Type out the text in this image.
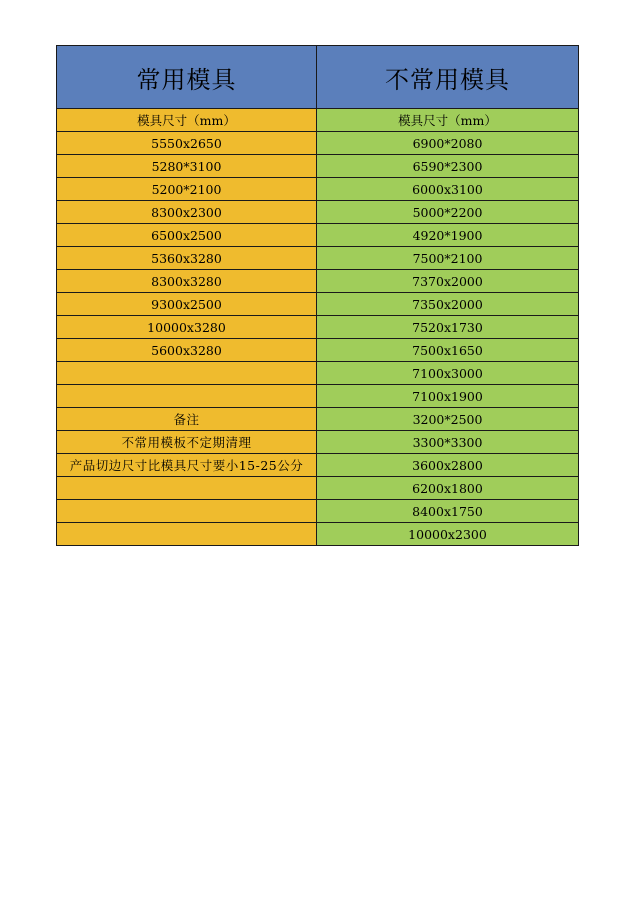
常用模具	不常用模具
模具尺寸（mm）	模具尺寸（mm）
5550x2650	6900*2080
5280*3100	6590*2300
5200*2100	6000x3100
8300x2300	5000*2200
6500x2500	4920*1900
5360x3280	7500*2100
8300x3280	7370x2000
9300x2500	7350x2000
10000x3280	7520x1730
5600x3280	7500x1650
	7100x3000
	7100x1900
备注	3200*2500
不常用模板不定期清理	3300*3300
产品切边尺寸比模具尺寸要小15-25公分	3600x2800
	6200x1800
	8400x1750
	10000x2300
